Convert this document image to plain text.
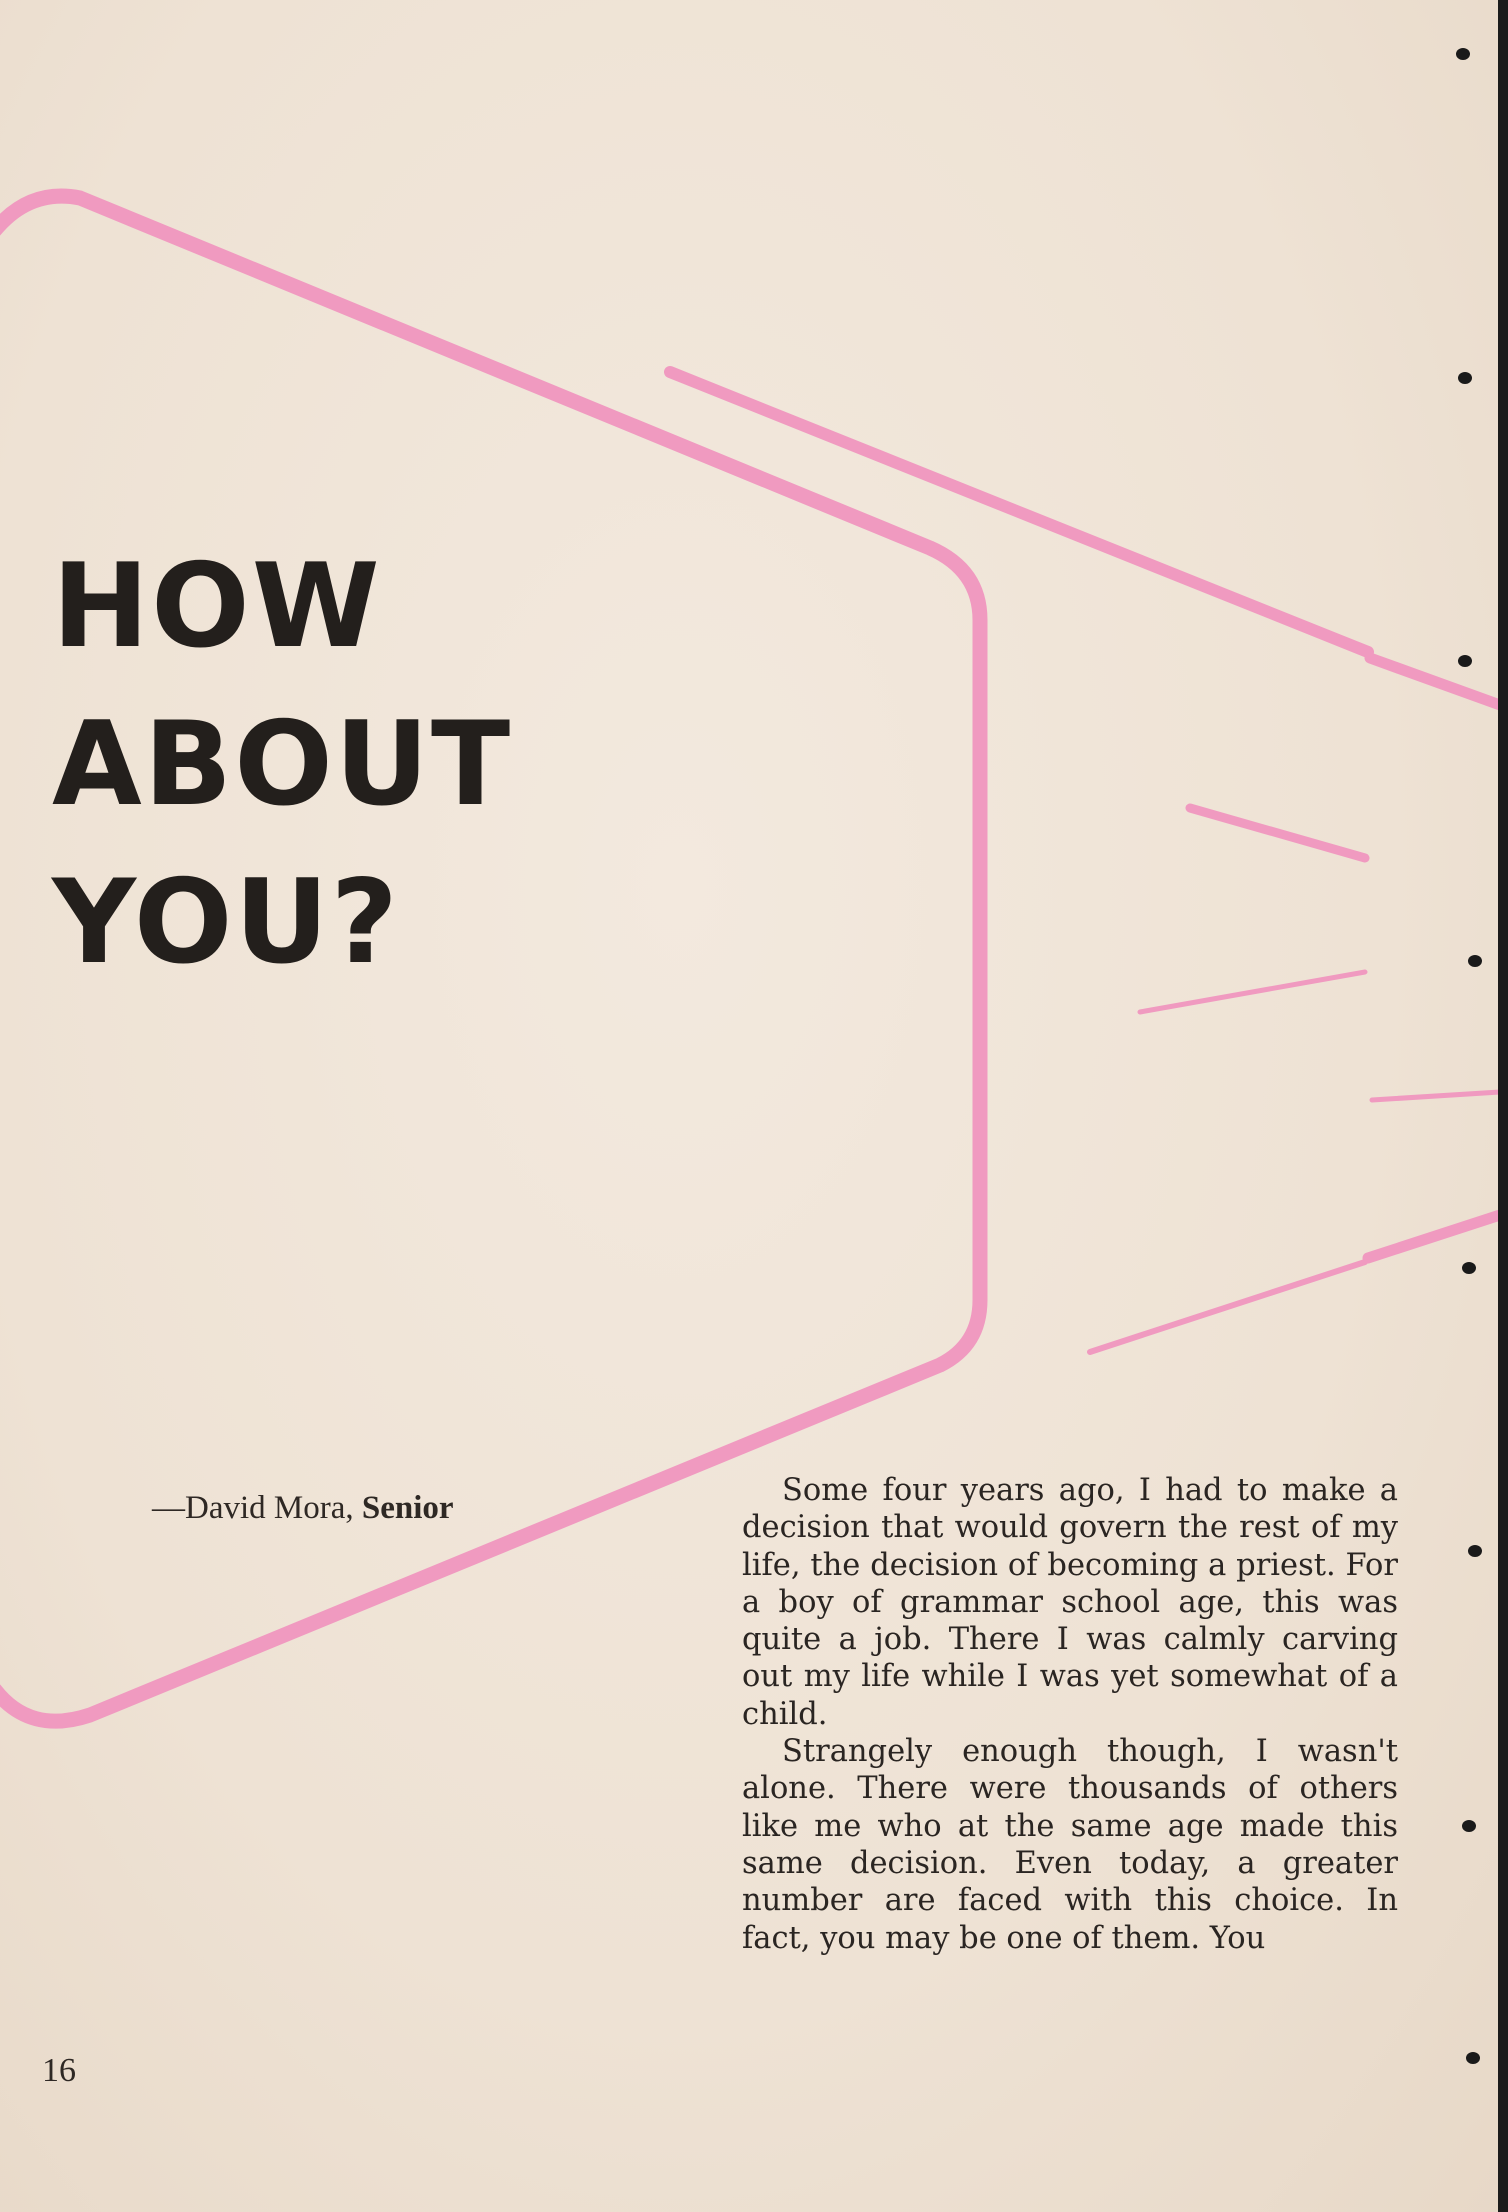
HOW
ABOUT
YOU?
—David Mora, Senior	Some four years ago, I had to make a decision that would govern the rest of my life, the decision of becoming a priest. For a boy of grammar school age, this was quite a job. There I was calmly carving out my life while I was yet somewhat of a child.

Strangely enough though, I wasn't alone. There were thousands of others like me who at the same age made this same decision. Even today, a greater number are faced with this choice. In fact, you may be one of them. You

16
